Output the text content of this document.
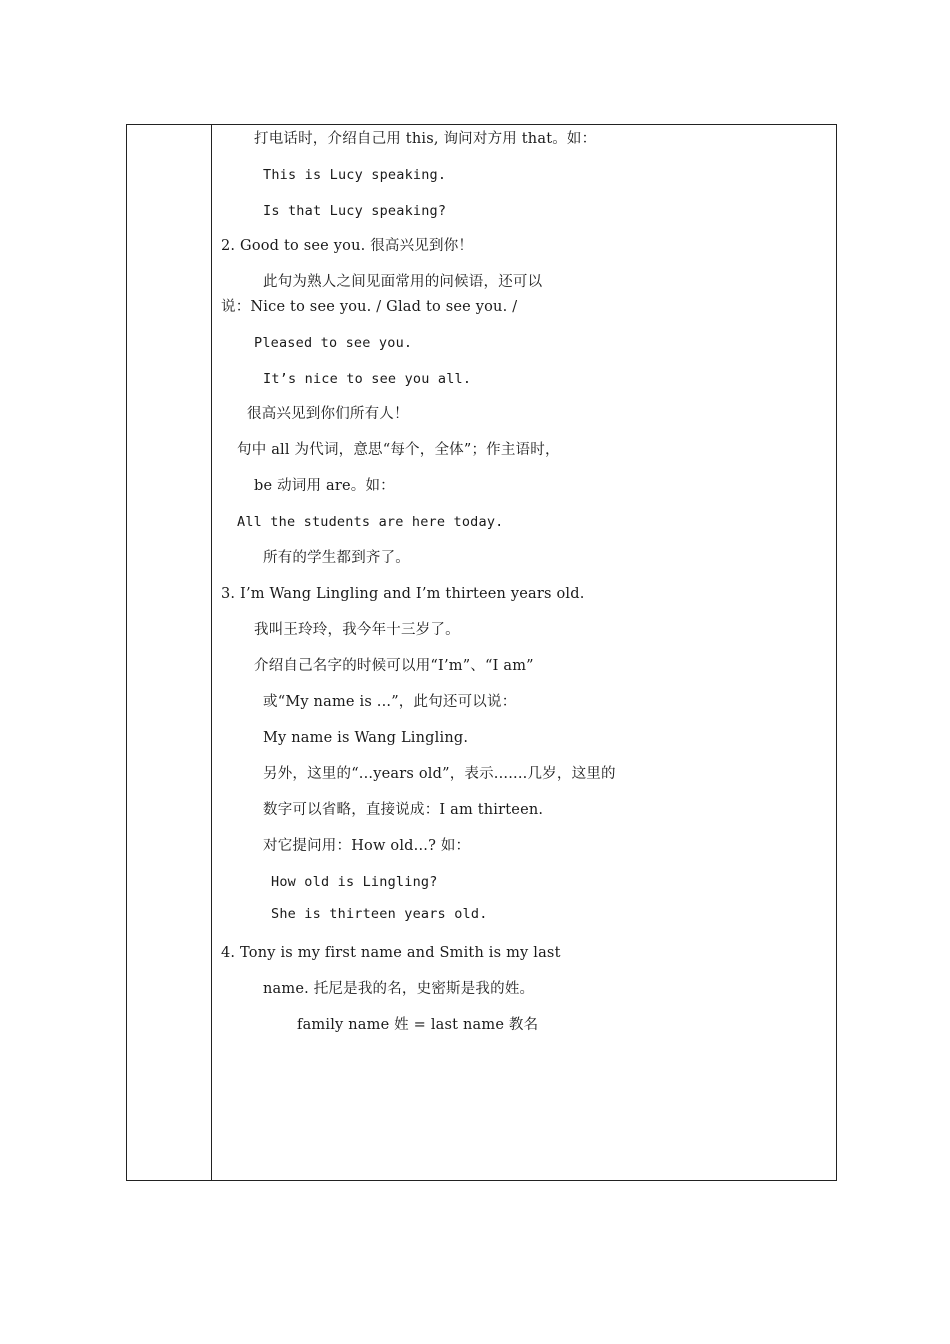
打电话时，介绍自己用 this, 询问对方用 that。如：
This is Lucy speaking.
Is that Lucy speaking?
2. Good to see you. 很高兴见到你！
此句为熟人之间见面常用的问候语，还可以
说：Nice to see you. / Glad to see you. /
Pleased to see you.
It’s nice to see you all.
很高兴见到你们所有人！
句中 all 为代词，意思“每个，全体”；作主语时，
be 动词用 are。如：
All the students are here today.
所有的学生都到齐了。
3. I’m Wang Lingling and I’m thirteen years old.
我叫王玲玲，我今年十三岁了。
介绍自己名字的时候可以用“I’m”、“I am”
或“My name is ...”，此句还可以说：
My name is Wang Lingling.
另外，这里的“...years old”，表示.......几岁，这里的
数字可以省略，直接说成：I am thirteen.
对它提问用：How old...? 如：
How old is Lingling?
She is thirteen years old.
4. Tony is my first name and Smith is my last
name. 托尼是我的名，史密斯是我的姓。
family name 姓 = last name 教名
